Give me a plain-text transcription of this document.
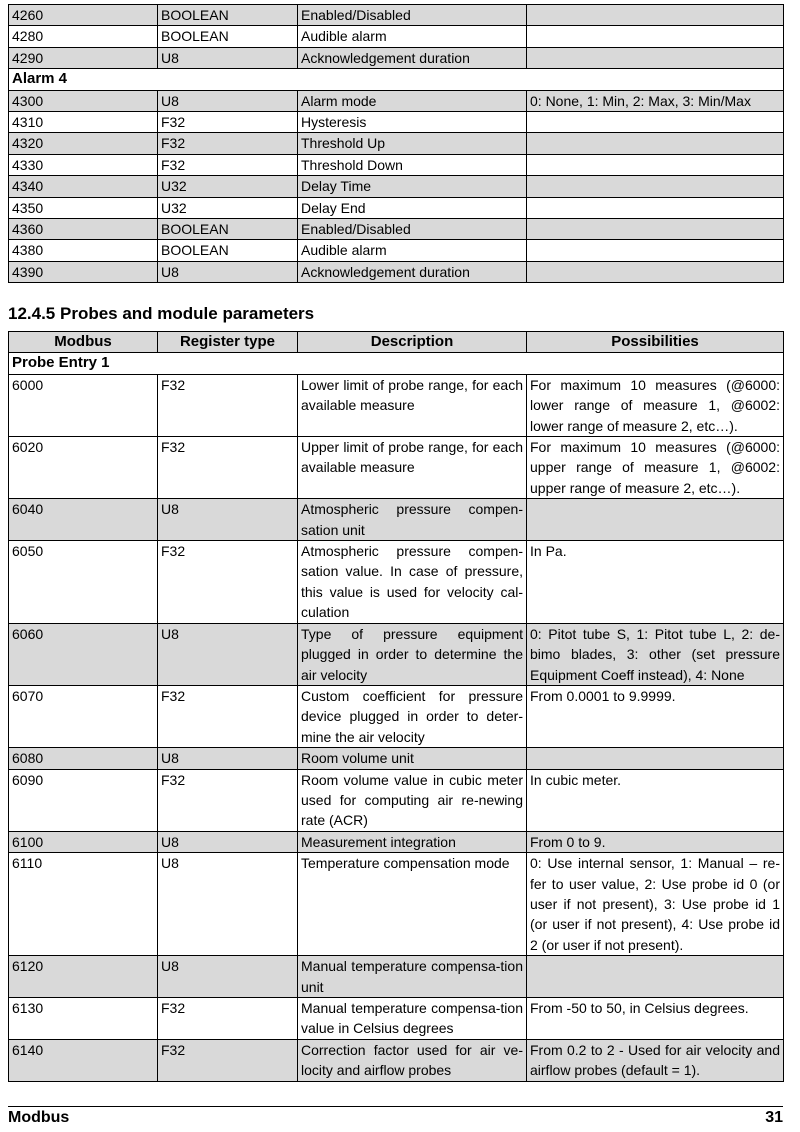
4260	BOOLEAN	Enabled/Disabled	
4280	BOOLEAN	Audible alarm	
4290	U8	Acknowledgement duration	
Alarm 4			
4300	U8	Alarm mode	0: None, 1: Min, 2: Max, 3: Min/Max
4310	F32	Hysteresis	
4320	F32	Threshold Up	
4330	F32	Threshold Down	
4340	U32	Delay Time	
4350	U32	Delay End	
4360	BOOLEAN	Enabled/Disabled	
4380	BOOLEAN	Audible alarm	
4390	U8	Acknowledgement duration	
12.4.5 Probes and module parameters
Modbus	Register type	Description	Possibilities
Probe Entry 1			
6000	F32	Lower limit of probe range, for each available measure	For maximum 10 measures (@6000: lower range of measure 1, @6002: lower range of measure 2, etc…).
6020	F32	Upper limit of probe range, for each available measure	For maximum 10 measures (@6000: upper range of measure 1, @6002: upper range of measure 2, etc…).
6040	U8	Atmospheric pressure compen-sation unit	
6050	F32	Atmospheric pressure compen-sation value. In case of pressure, this value is used for velocity cal-culation	In Pa.
6060	U8	Type of pressure equipment plugged in order to determine the air velocity	0: Pitot tube S, 1: Pitot tube L, 2: de-bimo blades, 3: other (set pressure Equipment Coeff instead), 4: None
6070	F32	Custom coefficient for pressure device plugged in order to deter-mine the air velocity	From 0.0001 to 9.9999.
6080	U8	Room volume unit	
6090	F32	Room volume value in cubic meter used for computing air re-newing rate (ACR)	In cubic meter.
6100	U8	Measurement integration	From 0 to 9.
6110	U8	Temperature compensation mode	0: Use internal sensor, 1: Manual – re-fer to user value, 2: Use probe id 0 (or user if not present), 3: Use probe id 1 (or user if not present), 4: Use probe id 2 (or user if not present).
6120	U8	Manual temperature compensa-tion unit	
6130	F32	Manual temperature compensa-tion value in Celsius degrees	From -50 to 50, in Celsius degrees.
6140	F32	Correction factor used for air ve-locity and airflow probes	From 0.2 to 2 - Used for air velocity and airflow probes (default = 1).
Modbus	31
